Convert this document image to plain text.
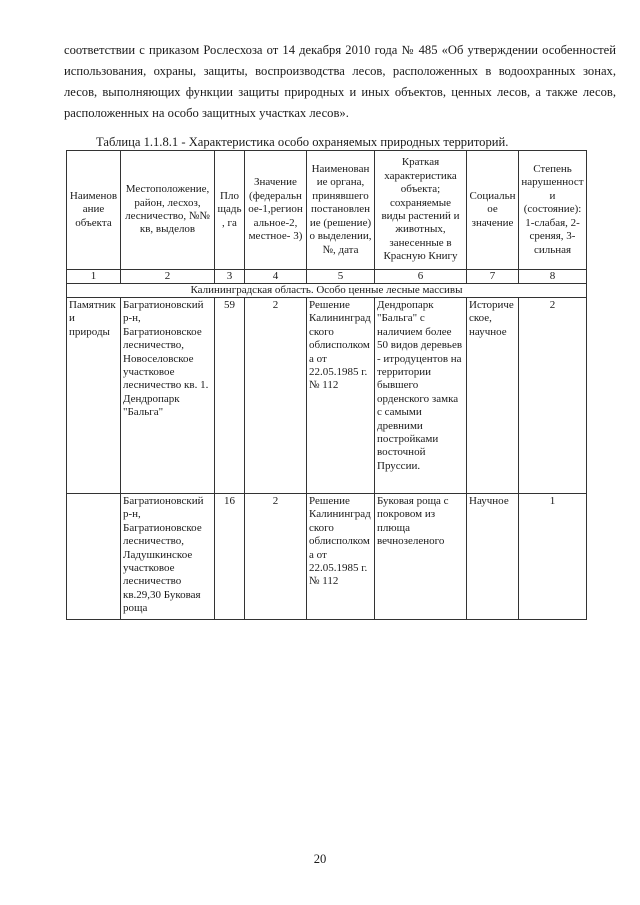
соответствии с приказом Рослесхоза от 14 декабря 2010 года № 485 «Об утверждении особенностей использования, охраны, защиты, воспроизводства лесов, расположенных в водоохранных зонах, лесов, выполняющих функции защиты природных и иных объектов, ценных лесов, а также лесов, расположенных на особо защитных участках лесов».

Таблица 1.1.8.1 - Характеристика особо охраняемых природных территорий.
Наименование объекта	Местоположение, район, лесхоз, лесничество, №№ кв, выделов	Площадь, га	Значение (федеральное-1,региональное-2, местное- 3)	Наименование органа, принявшего постановление (решение) о выделении, №, дата	Краткая характеристика объекта; сохраняемые виды растений и животных, занесенные в Красную Книгу	Социальное значение	Степень нарушенности (состояние): 1-слабая, 2-среняя, 3- сильная
1	2	3	4	5	6	7	8
Калининградская область. Особо ценные лесные массивы							
Памятники природы	Багратионовский р-н, Багратионовское лесничество, Новоселовское участковое лесничество кв. 1. Дендропарк "Бальга"	59	2	Решение Калининградского облисполкома от 22.05.1985 г. № 112	Дендропарк "Бальга" с наличием более 50 видов деревьев - итродуцентов на территории бывшего орденского замка с самыми древними постройками восточной Пруссии.	Историческое, научное	2
	Багратионовский р-н, Багратионовское лесничество, Ладушкинское участковое лесничество кв.29,30 Буковая роща	16	2	Решение Калининградского облисполкома от 22.05.1985 г. № 112	Буковая роща с покровом из плюща вечнозеленого	Научное	1
20
